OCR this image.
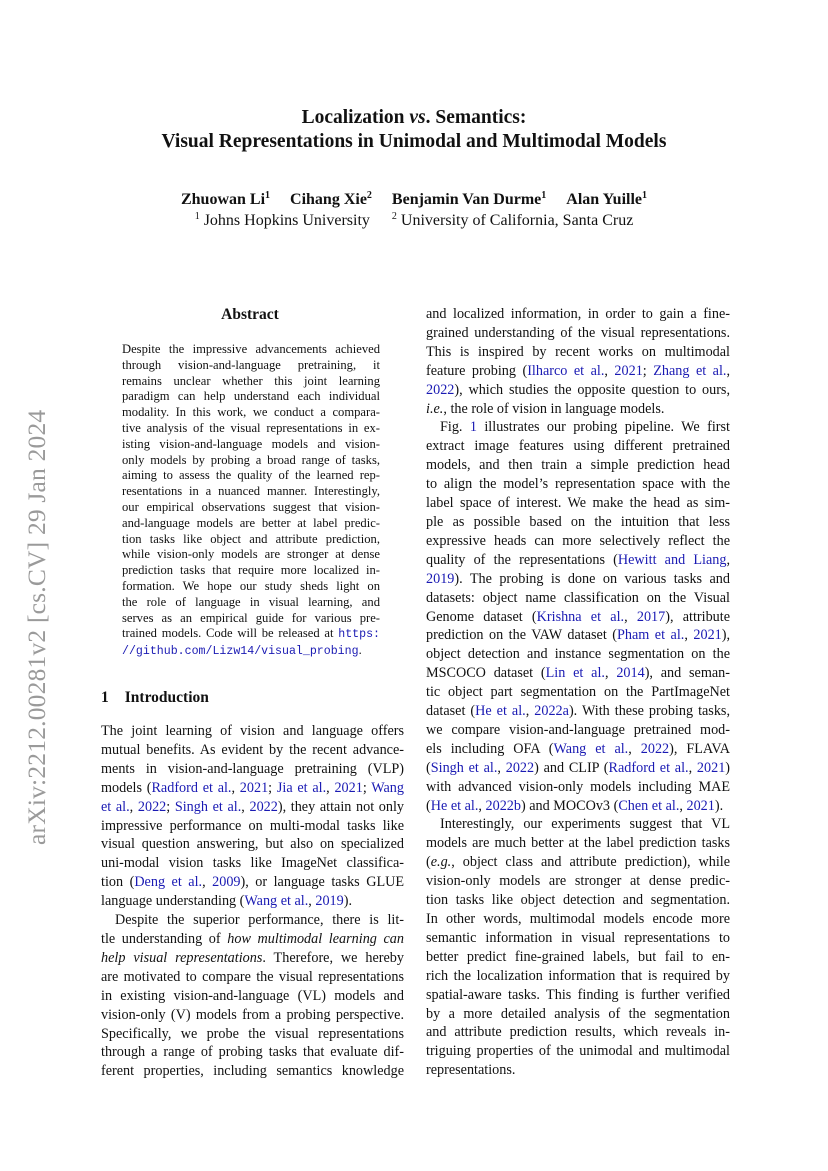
arXiv:2212.00281v2 [cs.CV] 29 Jan 2024
Localization vs. Semantics:
Visual Representations in Unimodal and Multimodal Models
Zhuowan Li$^1$ Cihang Xie$^2$ Benjamin Van Durme$^1$ Alan Yuille$^1$
$^1$ Johns Hopkins University $^2$ University of California, Santa Cruz
Abstract
Despite the impressive advancements achieved
through vision-and-language pretraining, it
remains unclear whether this joint learning
paradigm can help understand each individual
modality. In this work, we conduct a compara-
tive analysis of the visual representations in ex-
isting vision-and-language models and vision-
only models by probing a broad range of tasks,
aiming to assess the quality of the learned rep-
resentations in a nuanced manner. Interestingly,
our empirical observations suggest that vision-
and-language models are better at label predic-
tion tasks like object and attribute prediction,
while vision-only models are stronger at dense
prediction tasks that require more localized in-
formation. We hope our study sheds light on
the role of language in visual learning, and
serves as an empirical guide for various pre-
trained models. Code will be released at https:
//github.com/Lizw14/visual_probing.
1 Introduction
The joint learning of vision and language offers
mutual benefits. As evident by the recent advance-
ments in vision-and-language pretraining (VLP)
models (Radford et al., 2021; Jia et al., 2021; Wang
et al., 2022; Singh et al., 2022), they attain not only
impressive performance on multi-modal tasks like
visual question answering, but also on specialized
uni-modal vision tasks like ImageNet classifica-
tion (Deng et al., 2009), or language tasks GLUE
language understanding (Wang et al., 2019).
Despite the superior performance, there is lit-
tle understanding of how multimodal learning can
help visual representations. Therefore, we hereby
are motivated to compare the visual representations
in existing vision-and-language (VL) models and
vision-only (V) models from a probing perspective.
Specifically, we probe the visual representations
through a range of probing tasks that evaluate dif-
ferent properties, including semantics knowledge
and localized information, in order to gain a fine-
grained understanding of the visual representations.
This is inspired by recent works on multimodal
feature probing (Ilharco et al., 2021; Zhang et al.,
2022), which studies the opposite question to ours,
i.e., the role of vision in language models.
Fig. 1 illustrates our probing pipeline. We first
extract image features using different pretrained
models, and then train a simple prediction head
to align the model’s representation space with the
label space of interest. We make the head as sim-
ple as possible based on the intuition that less
expressive heads can more selectively reflect the
quality of the representations (Hewitt and Liang,
2019). The probing is done on various tasks and
datasets: object name classification on the Visual
Genome dataset (Krishna et al., 2017), attribute
prediction on the VAW dataset (Pham et al., 2021),
object detection and instance segmentation on the
MSCOCO dataset (Lin et al., 2014), and seman-
tic object part segmentation on the PartImageNet
dataset (He et al., 2022a). With these probing tasks,
we compare vision-and-language pretrained mod-
els including OFA (Wang et al., 2022), FLAVA
(Singh et al., 2022) and CLIP (Radford et al., 2021)
with advanced vision-only models including MAE
(He et al., 2022b) and MOCOv3 (Chen et al., 2021).
Interestingly, our experiments suggest that VL
models are much better at the label prediction tasks
(e.g., object class and attribute prediction), while
vision-only models are stronger at dense predic-
tion tasks like object detection and segmentation.
In other words, multimodal models encode more
semantic information in visual representations to
better predict fine-grained labels, but fail to en-
rich the localization information that is required by
spatial-aware tasks. This finding is further verified
by a more detailed analysis of the segmentation
and attribute prediction results, which reveals in-
triguing properties of the unimodal and multimodal
representations.
